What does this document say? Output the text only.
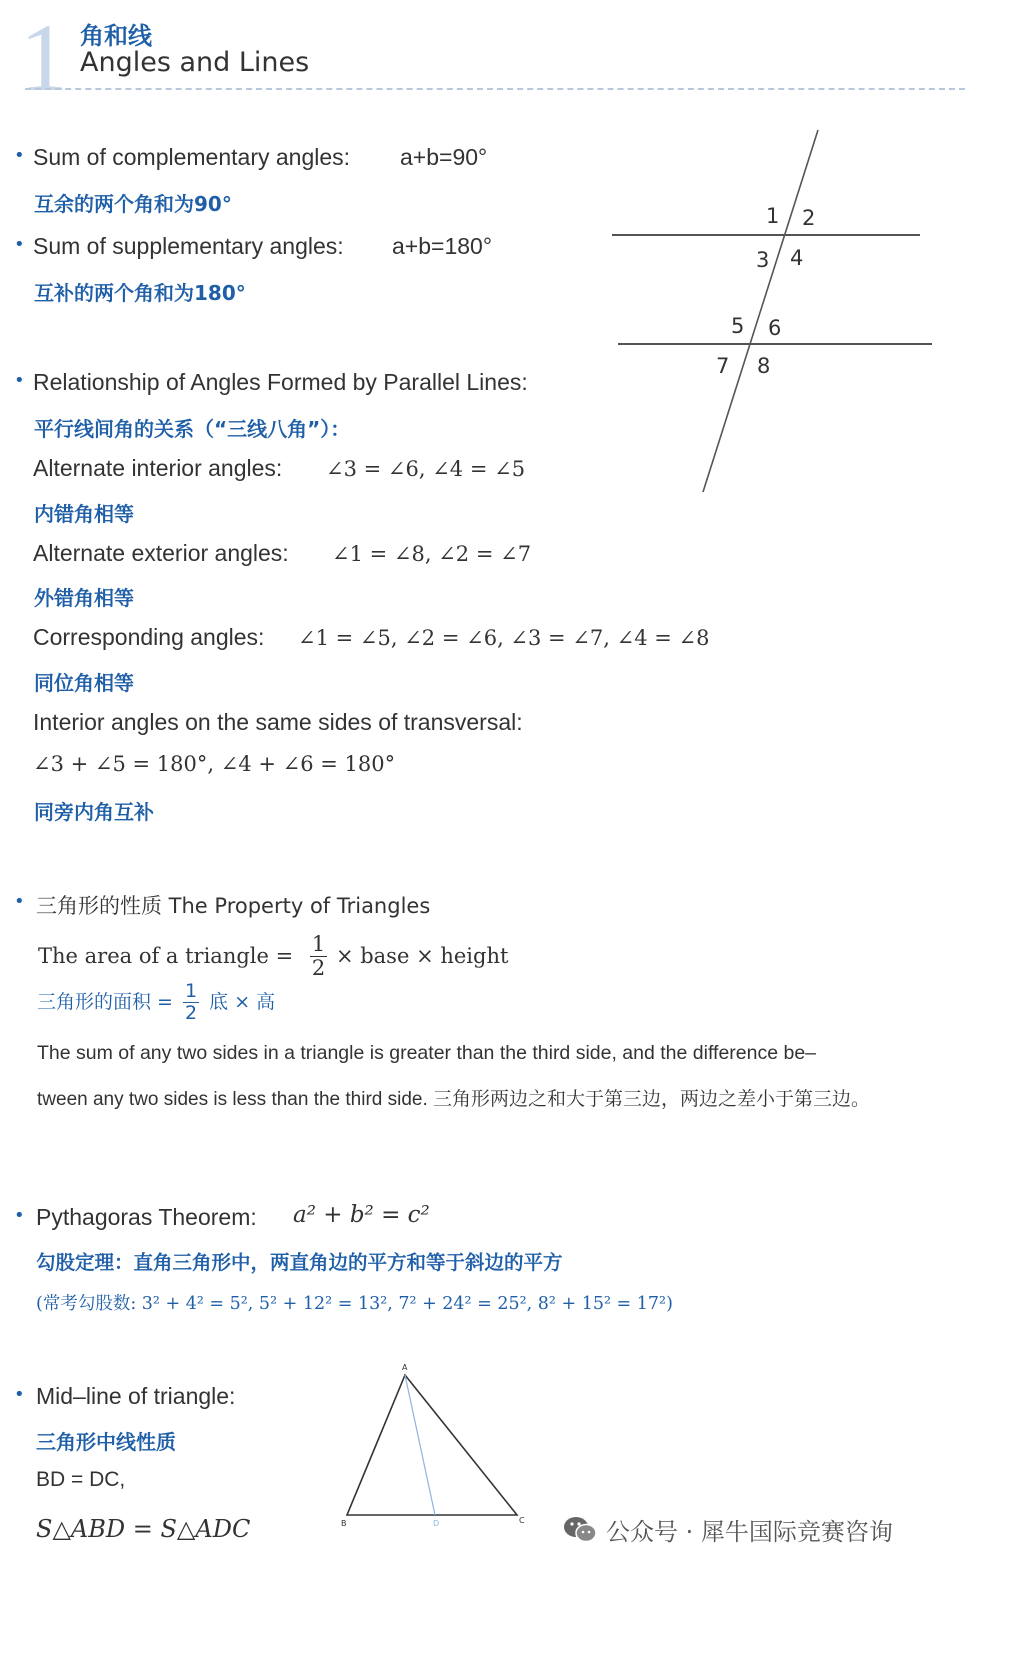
1 角和线
Angles and Lines
• Sum of complementary angles: a+b=90°
互余的两个角和为90°
• Sum of supplementary angles: a+b=180°
互补的两个角和为180°
1 2
3 4
5 6
7 8
• Relationship of Angles Formed by Parallel Lines:
平行线间角的关系（“三线八角”）：
Alternate interior angles: ∠3 = ∠6, ∠4 = ∠5
内错角相等
Alternate exterior angles: ∠1 = ∠8, ∠2 = ∠7
外错角相等
Corresponding angles: ∠1 = ∠5, ∠2 = ∠6, ∠3 = ∠7, ∠4 = ∠8
同位角相等
Interior angles on the same sides of transversal:
∠3 + ∠5 = 180°, ∠4 + ∠6 = 180°
同旁内角互补
• 三角形的性质 The Property of Triangles
The area of a triangle = $\frac{1}{2}$ × base × height
三角形的面积 = $\frac{1}{2}$ 底 × 高
The sum of any two sides in a triangle is greater than the third side, and the difference be–
tween any two sides is less than the third side. 三角形两边之和大于第三边，两边之差小于第三边。
• Pythagoras Theorem: a² + b² = c²
勾股定理：直角三角形中，两直角边的平方和等于斜边的平方
(常考勾股数: 3² + 4² = 5², 5² + 12² = 13², 7² + 24² = 25², 8² + 15² = 17²)
• Mid–line of triangle:
三角形中线性质
BD = DC,
S△ABD = S△ADC
A
B	D	C	公众号 · 犀牛国际竞赛咨询
